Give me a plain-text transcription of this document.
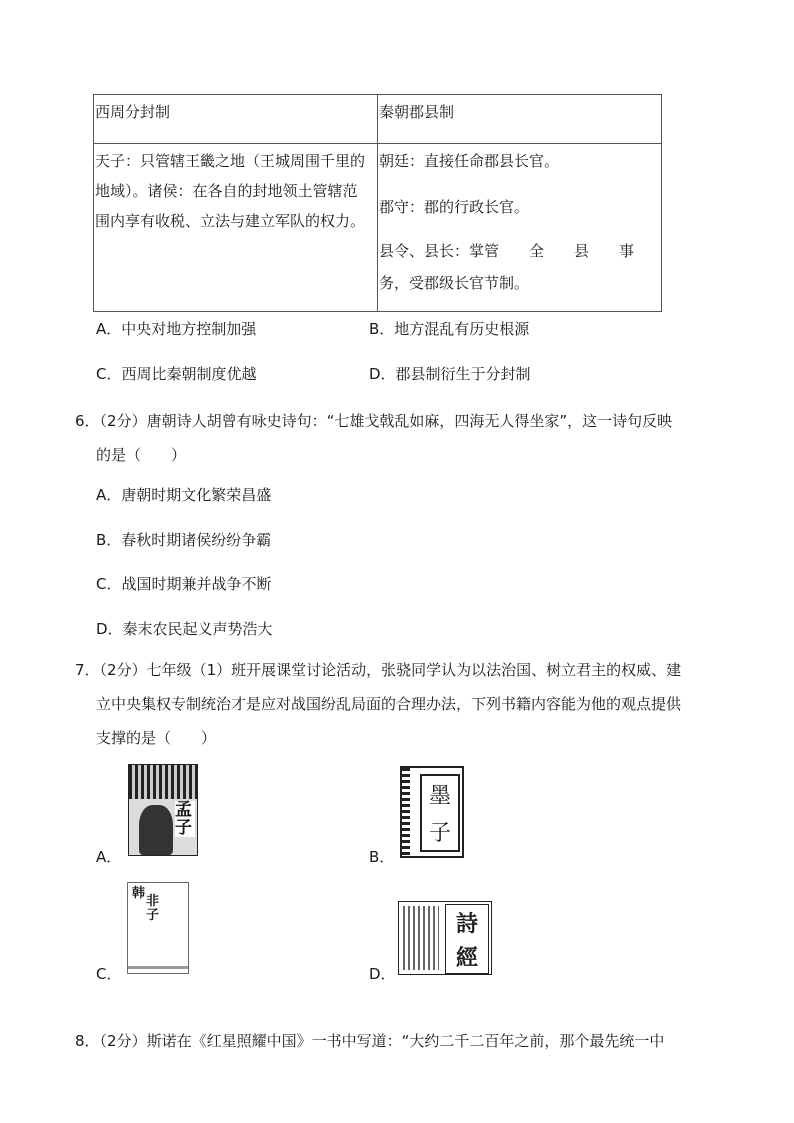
西周分封制	秦朝郡县制

天子：只管辖王畿之地（王城周围千里的
地域）。诸侯：在各自的封地领土管辖范
围内享有收税、立法与建立军队的权力。	朝廷：直接任命郡县长官。
郡守：郡的行政长官。
县令、县长：掌管　　全　　县　　事
务，受郡级长官节制。
A．中央对地方控制加强	B．地方混乱有历史根源
C．西周比秦朝制度优越	D．郡县制衍生于分封制
6．（2分）唐朝诗人胡曾有咏史诗句：“七雄戈戟乱如麻，四海无人得坐家”，这一诗句反映
的是（　　）
A．唐朝时期文化繁荣昌盛
B．春秋时期诸侯纷纷争霸
C．战国时期兼并战争不断
D．秦末农民起义声势浩大
7．（2分）七年级（1）班开展课堂讨论活动，张骁同学认为以法治国、树立君主的权威、建
立中央集权专制统治才是应对战国纷乱局面的合理办法，下列书籍内容能为他的观点提供
支撑的是（　　）
孟子
A．
墨
子
B．
韩
非子
C．
詩
經
D．
8．（2分）斯诺在《红星照耀中国》一书中写道：“大约二千二百年之前，那个最先统一中
